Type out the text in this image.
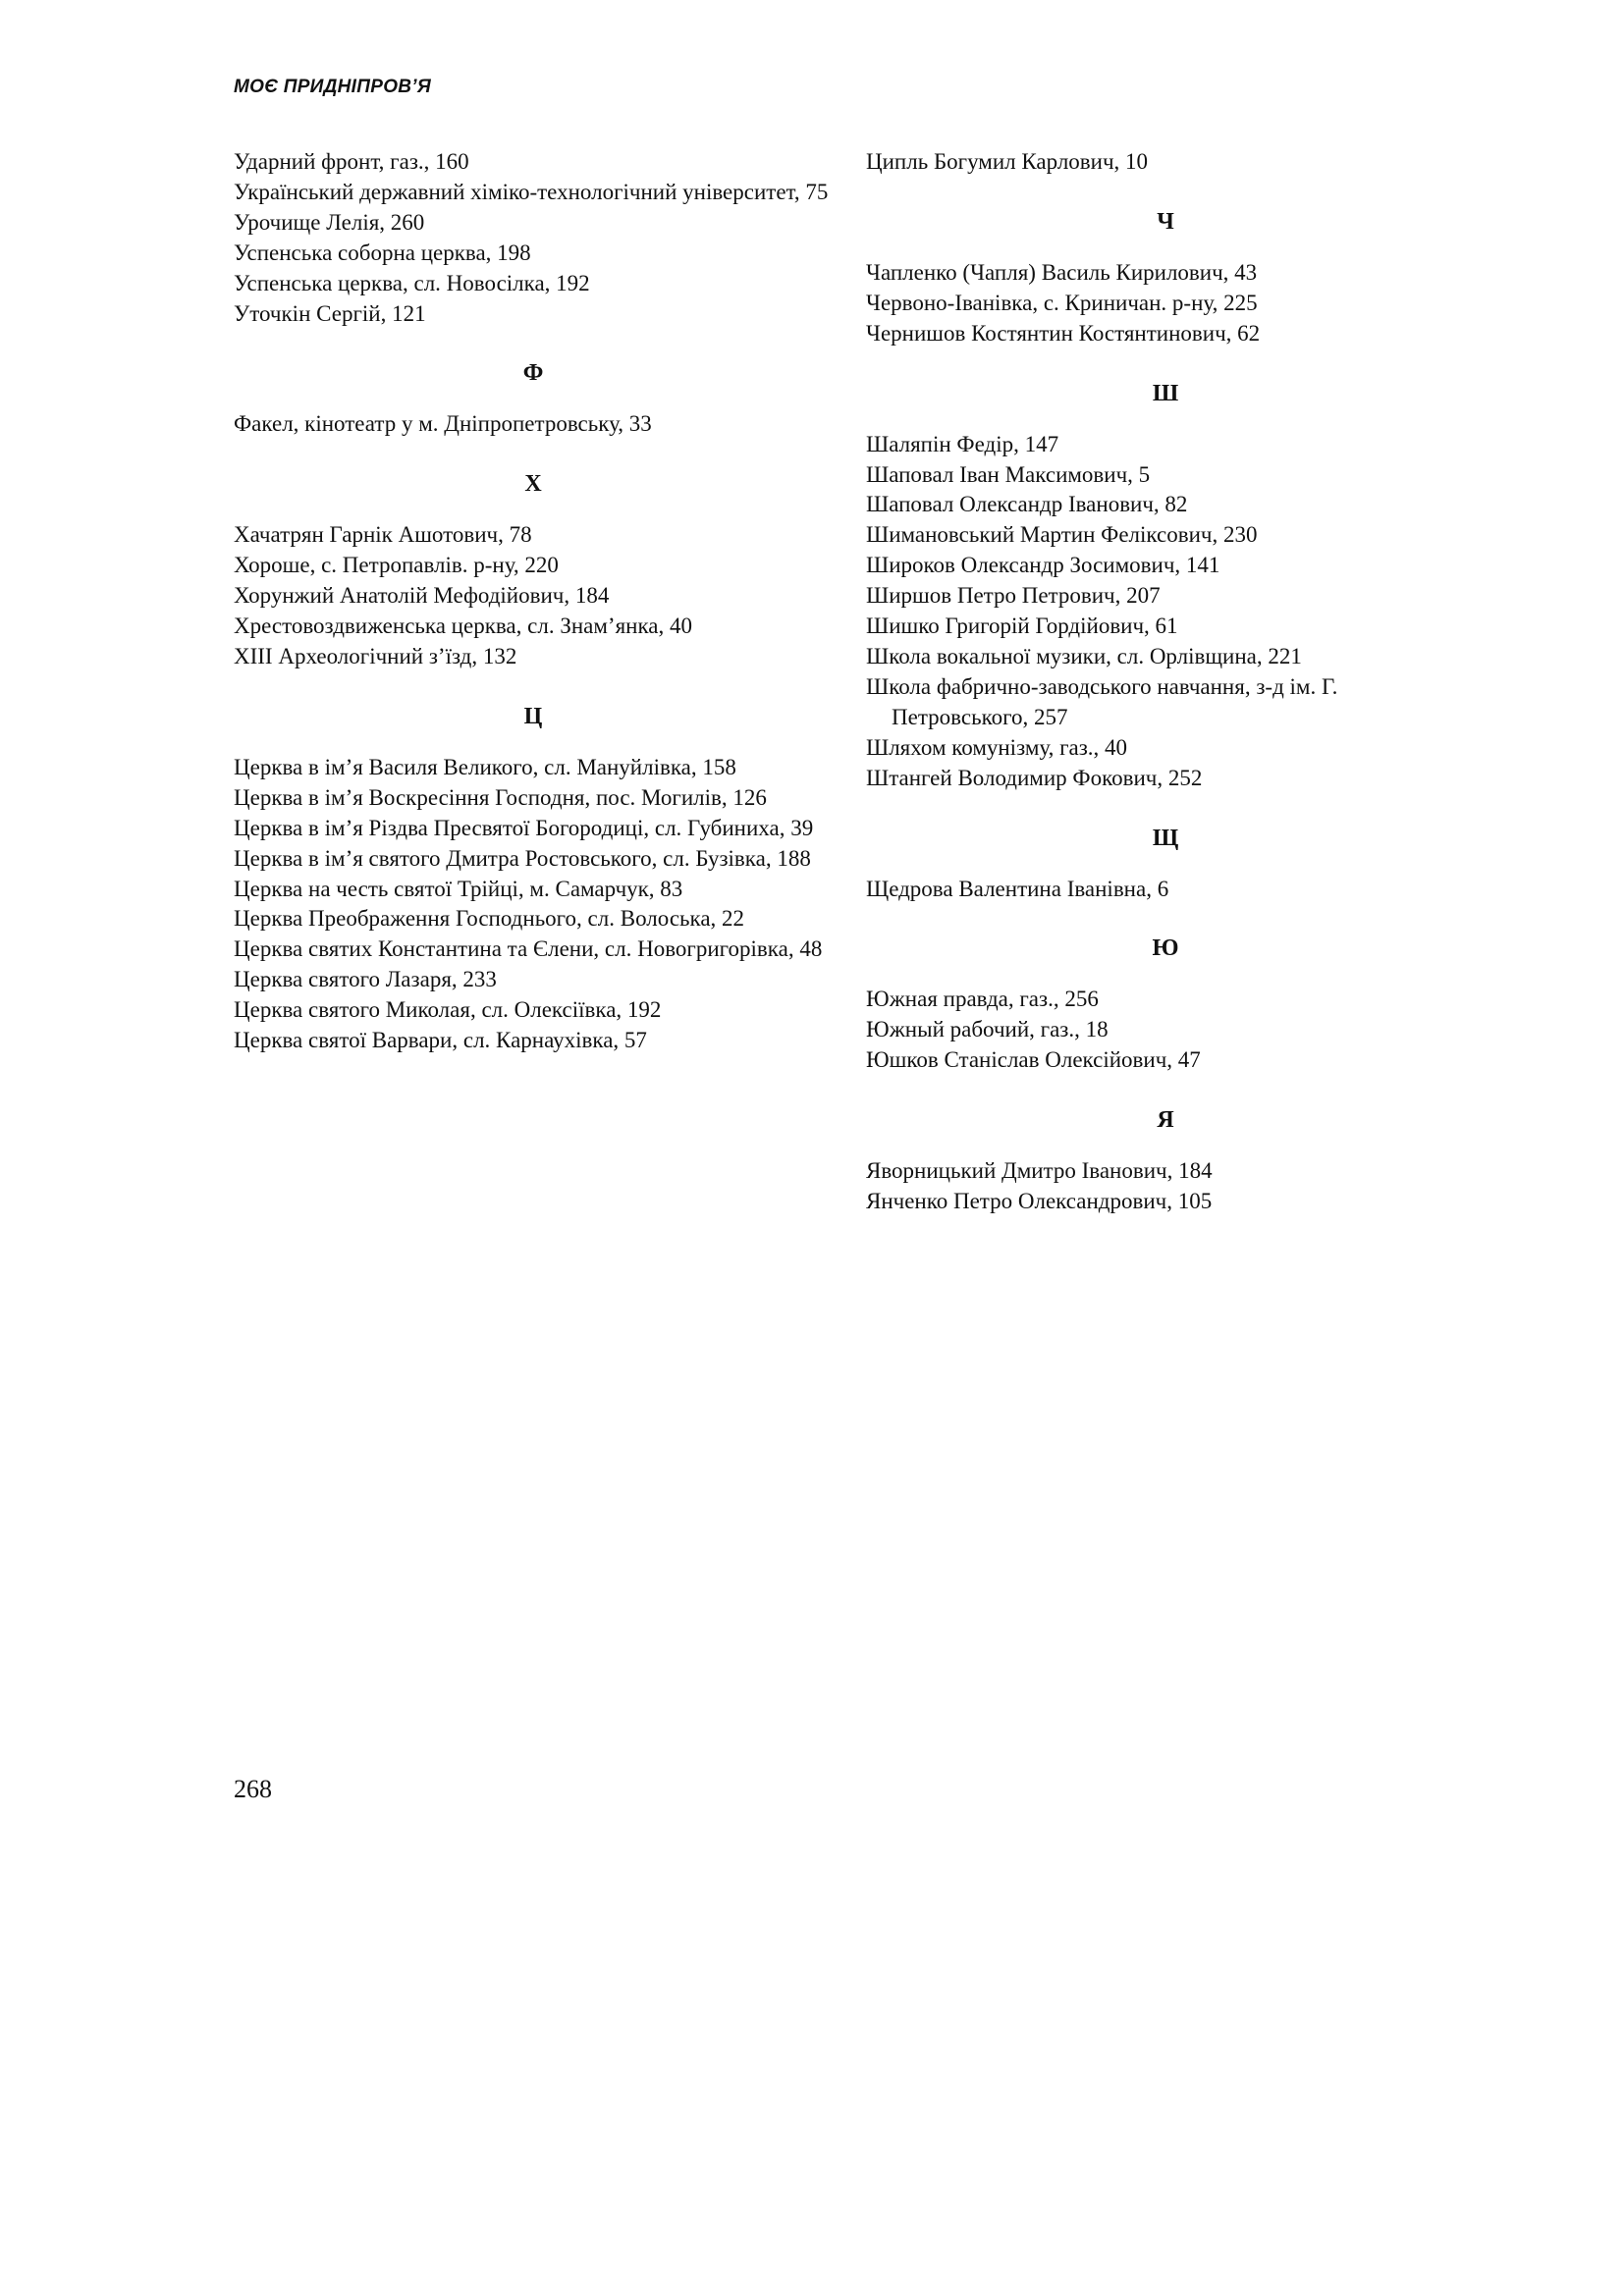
МОЄ ПРИДНІПРОВ’Я

Ударний фронт, газ., 160

Український державний хіміко-технологічний університет, 75

Урочище Лелія, 260

Успенська соборна церква, 198

Успенська церква, сл. Новосілка, 192

Уточкін Сергій, 121

Ф

Факел, кінотеатр у м. Дніпропетровську, 33

Х

Хачатрян Гарнік Ашотович, 78

Хороше, с. Петропавлів. р-ну, 220

Хорунжий Анатолій Мефодійович, 184

Хрестовоздвиженська церква, сл. Знам’янка, 40

XIII Археологічний з’їзд, 132

Ц

Церква в ім’я Василя Великого, сл. Мануйлівка, 158

Церква в ім’я Воскресіння Господня, пос. Могилів, 126

Церква в ім’я Різдва Пресвятої Богородиці, сл. Губиниха, 39

Церква в ім’я святого Дмитра Ростовського, сл. Бузівка, 188

Церква на честь святої Трійці, м. Самарчук, 83

Церква Преображення Господнього, сл. Волоська, 22

Церква святих Константина та Єлени, сл. Новогригорівка, 48

Церква святого Лазаря, 233

Церква святого Миколая, сл. Олексіївка, 192

Церква святої Варвари, сл. Карнаухівка, 57

Ципль Богумил Карлович, 10

Ч

Чапленко (Чапля) Василь Кирилович, 43

Червоно-Іванівка, с. Криничан. р-ну, 225

Чернишов Костянтин Костянтинович, 62

Ш

Шаляпін Федір, 147

Шаповал Іван Максимович, 5

Шаповал Олександр Іванович, 82

Шимановський Мартин Феліксович, 230

Широков Олександр Зосимович, 141

Ширшов Петро Петрович, 207

Шишко Григорій Гордійович, 61

Школа вокальної музики, сл. Орлівщина, 221

Школа фабрично-заводського навчання, з-д ім. Г. Петровського, 257

Шляхом комунізму, газ., 40

Штангей Володимир Фокович, 252

Щ

Щедрова Валентина Іванівна, 6

Ю

Южная правда, газ., 256

Южный рабочий, газ., 18

Юшков Станіслав Олексійович, 47

Я

Яворницький Дмитро Іванович, 184

Янченко Петро Олександрович, 105

268
